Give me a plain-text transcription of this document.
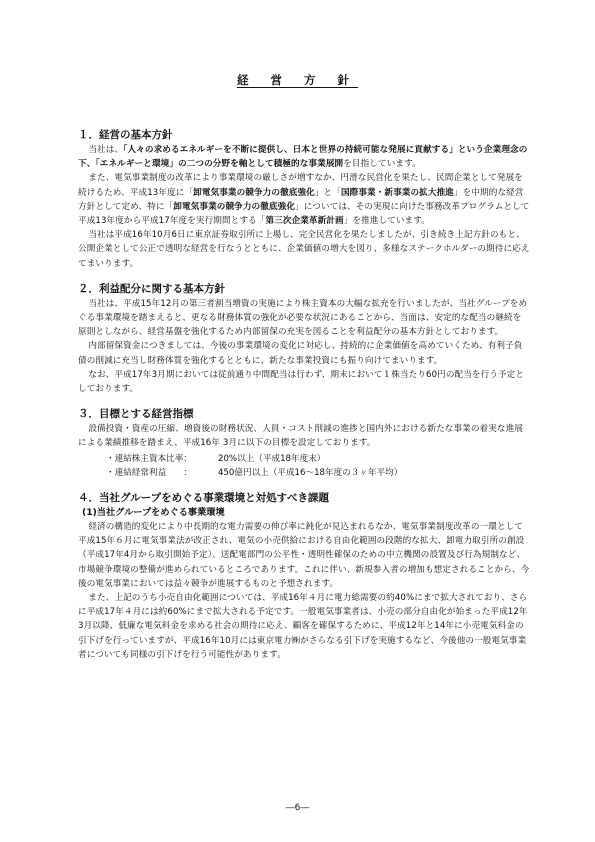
経 営 方 針

１．経営の基本方針

当社は、「人々の求めるエネルギーを不断に提供し、日本と世界の持続可能な発展に貢献する」という企業理念の下、「エネルギーと環境」の二つの分野を軸として積極的な事業展開を目指しています。

また、電気事業制度の改革により事業環境の厳しさが増すなか、円滑な民営化を果たし、民間企業として発展を続けるため、平成13年度に「卸電気事業の競争力の徹底強化」と「国際事業・新事業の拡大推進」を中期的な経営方針として定め、特に「卸電気事業の競争力の徹底強化」については、その実現に向けた事務改革プログラムとして平成13年度から平成17年度を実行期間とする「第三次企業革新計画」を推進しています。

当社は平成16年10月6日に東京証券取引所に上場し、完全民営化を果たしましたが、引き続き上記方針のもと、公開企業として公正で透明な経営を行なうとともに、企業価値の増大を図り、多様なステークホルダーの期待に応えてまいります。

２．利益配分に関する基本方針

当社は、平成15年12月の第三者割当増資の実施により株主資本の大幅な拡充を行いましたが、当社グループをめぐる事業環境を踏まえると、更なる財務体質の強化が必要な状況にあることから、当面は、安定的な配当の継続を原則としながら、経営基盤を強化するため内部留保の充実を図ることを利益配分の基本方針としております。

内部留保資金につきましては、今後の事業環境の変化に対応し、持続的に企業価値を高めていくため、有利子負債の削減に充当し財務体質を強化するとともに、新たな事業投資にも振り向けてまいります。

なお、平成17年3月期においては従前通り中間配当は行わず、期末において１株当たり60円の配当を行う予定としております。

３．目標とする経営指標

設備投資・資産の圧縮、増資後の財務状況、人員・コスト削減の進捗と国内外における新たな事業の着実な進展による業績推移を踏まえ、平成16年 3月に以下の目標を設定しております。

・連結株主資本比率：	20%以上（平成18年度末）
・連結経常利益　　：	450億円以上（平成16～18年度の３ヶ年平均）

４．当社グループをめぐる事業環境と対処すべき課題

(1)当社グループをめぐる事業環境

経済の構造的変化により中長期的な電力需要の伸び率に鈍化が見込まれるなか、電気事業制度改革の一環として平成15年６月に電気事業法が改正され、電気の小売供給における自由化範囲の段階的な拡大、卸電力取引所の創設（平成17年4月から取引開始予定）、送配電部門の公平性・透明性確保のための中立機関の設置及び行為規制など、市場競争環境の整備が進められているところであります。これに伴い、新規参入者の増加も想定されることから、今後の電気事業においては益々競争が進展するものと予想されます。

また、上記のうち小売自由化範囲については、平成16年４月に電力総需要の約40%にまで拡大されており、さらに平成17年４月には約60%にまで拡大される予定です。一般電気事業者は、小売の部分自由化が始まった平成12年3月以降、低廉な電気料金を求める社会の期待に応え、顧客を確保するために、平成12年と14年に小売電気料金の引下げを行っていますが、平成16年10月には東京電力㈱がさらなる引下げを実施するなど、今後他の一般電気事業者についても同様の引下げを行う可能性があります。

―6―
